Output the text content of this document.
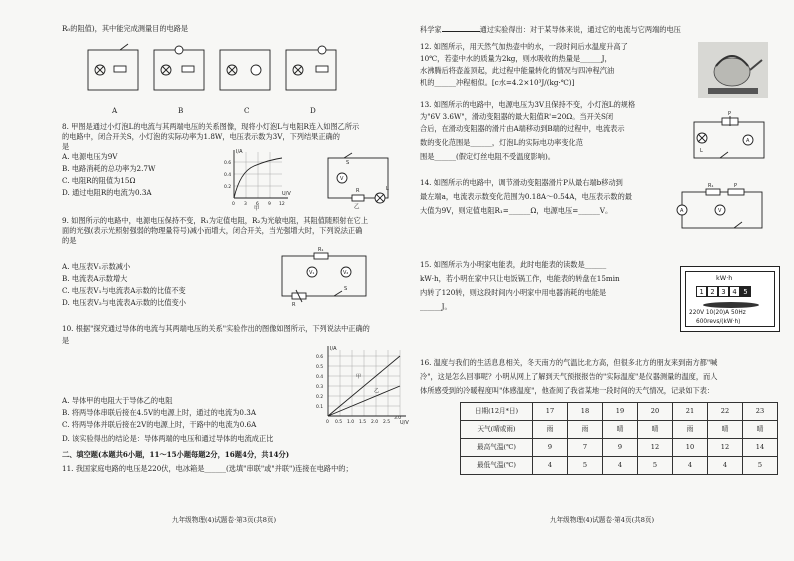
R₀的阻值)，其中能完成测量目的电路是
A	B	C	D
8. 甲图是通过小灯泡L的电流与其两端电压的关系图像，现将小灯泡L与电阻R连入如图乙所示
的电路中，闭合开关S，小灯泡的实际功率为1.8W，电压表示数为3V，下列结果正确的
是
A. 电源电压为9V
B. 电路消耗的总功率为2.7W
C. 电阻R的阻值为15Ω
D. 通过电阻R的电流为0.3A
I/A
U/V
0.6
0.4
0.2
0 3 6 9 12
甲
V
R	L
S
乙
9. 如图所示的电路中，电源电压保持不变，R₁为定值电阻，R₂为光敏电阻，其阻值随照射在它上
面的光强(表示光照射强弱的物理量符号)减小而增大，闭合开关，当光强增大时，下列说法正确
的是
A. 电压表V₁示数减小
B. 电流表A示数增大
C. 电压表V₁与电流表A示数的比值不变
D. 电压表V₂与电流表A示数的比值变小
V₁	V₂
R₁
R
S
10. 根据"探究通过导体的电流与其两端电压的关系"实验作出的图像如图所示，下列说法中正确的
是
I/A
U/V
0.6
0.5
0.4
0.3
0.2
0.1
0 0.5 1.0 1.5 2.0 2.5
3.0
甲
乙
A. 导体甲的电阻大于导体乙的电阻
B. 将两导体串联后接在4.5V的电源上时，通过的电流为0.3A
C. 将两导体并联后接在2V的电源上时，干路中的电流为0.6A
D. 该实验得出的结论是：导体两端的电压和通过导体的电流成正比
二、填空题(本题共6小题，11～15小题每题2分，16题4分，共14分)
11. 我国家庭电路的电压是220伏，电冰箱是______(选填"串联"或"并联")连接在电路中的；
九年级物理(4)试题卷·第3页(共8页)
科学家	通过实验得出：对于某导体来说，通过它的电流与它两端的电压
12. 如图所示，用天然气加热壶中的水，一段时间后水温度升高了
10℃，若壶中水的质量为2kg，则水吸收的热量是______J，
水沸腾后将壶盖顶起，此过程中能量转化的情况与四冲程汽油
机的______冲程相似。[c水=4.2×10³J/(kg·℃)]
13. 如图所示的电路中，电源电压为3V且保持不变，小灯泡L的规格
为"6V 3.6W"，滑动变阻器的最大阻值R'=20Ω。当开关S闭
合后，在滑动变阻器的滑片由A端移动到B端的过程中，电流表示
数的变化范围是______，灯泡L的实际电功率变化范
围是______(假定灯丝电阻不受温度影响)。
A
P
L
14. 如图所示的电路中，调节滑动变阻器滑片P从最右端b移动到
最左端a，电流表示数变化范围为0.18A～0.54A，电压表示数的最
大值为9V，则定值电阻R₁=______Ω，电源电压=______V。	A	V
R₁	P
15. 如图所示为小明家电能表，此时电能表的读数是______
kW·h，若小明在家中只让电饭锅工作，电能表的转盘在15min
内转了120转，则这段时间内小明家中用电器消耗的电能是
______J。
kW·h
1 2 3 4 5
220V 10(20)A 50Hz
600revs/(kW·h)
16. 温度与我们的生活息息相关，冬天南方的气温比北方高，但很多北方的朋友来到南方都"喊
冷"，这是怎么回事呢？小明从网上了解到天气预报报告的"实际温度"是仪器测量的温度，而人
体所感受到的冷暖程度叫"体感温度"，他查阅了我省某地一段时间的天气情况，记录如下表：
日期(12月*日)	17	18	19	20	21	22	23
天气(晴或雨)	雨	雨	晴	晴	雨	晴	晴
最高气温(℃)	9	7	9	12	10	12	14
最低气温(℃)	4	5	4	5	4	4	5
九年级物理(4)试题卷·第4页(共8页)
